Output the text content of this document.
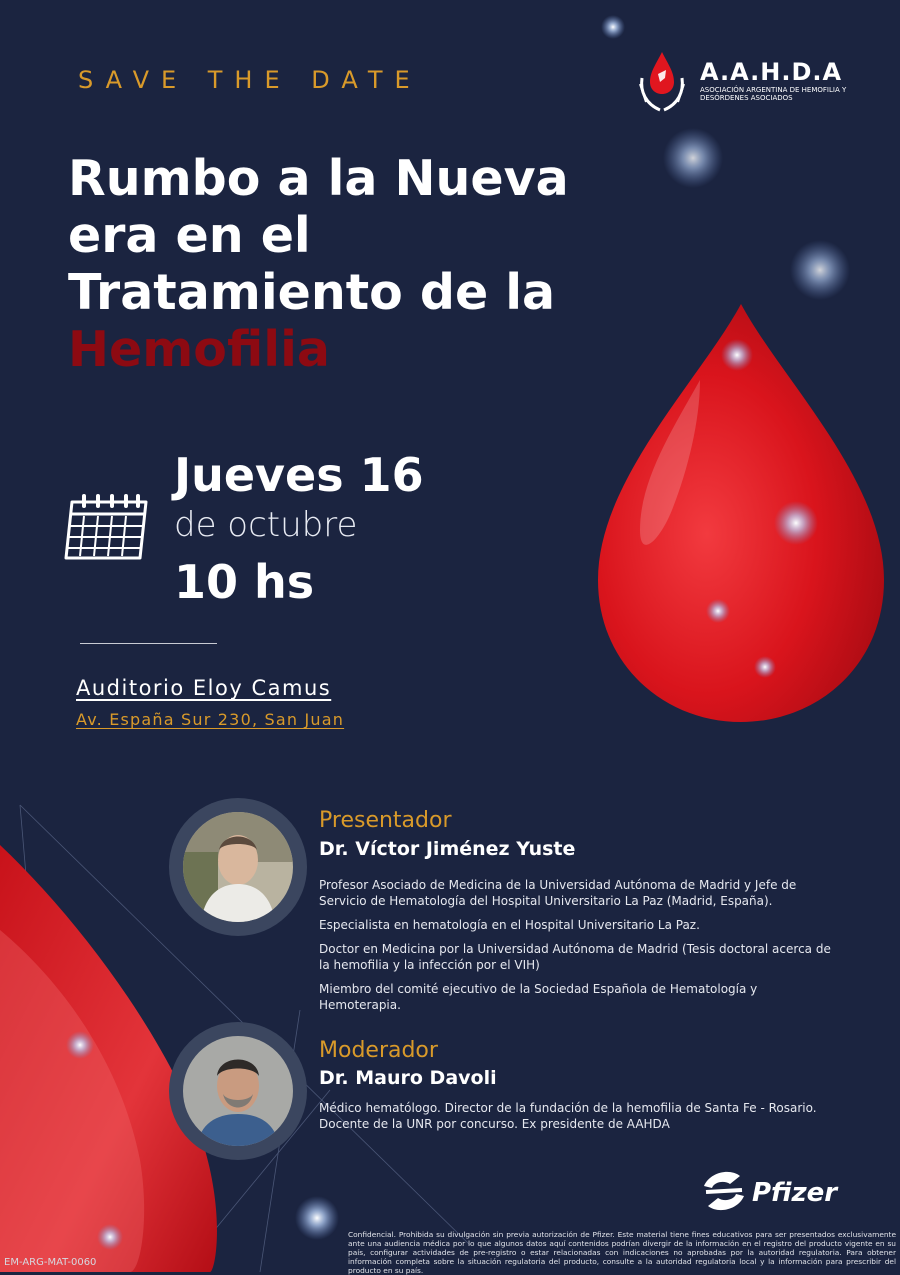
SAVE THE DATE	A.A.H.D.A
ASOCIACIÓN ARGENTINA DE HEMOFILIA Y DESÓRDENES ASOCIADOS
Rumbo a la Nueva
era en el
Tratamiento de la
Hemofilia
Jueves 16
de octubre
10 hs
Auditorio Eloy Camus
Av. España Sur 230, San Juan
Presentador
Dr. Víctor Jiménez Yuste

Profesor Asociado de Medicina de la Universidad Autónoma de Madrid y Jefe de Servicio de Hematología del Hospital Universitario La Paz (Madrid, España).

Especialista en hematología en el Hospital Universitario La Paz.

Doctor en Medicina por la Universidad Autónoma de Madrid (Tesis doctoral acerca de la hemofilia y la infección por el VIH)

Miembro del comité ejecutivo de la Sociedad Española de Hematología y Hemoterapia.

Moderador
Dr. Mauro Davoli

Médico hematólogo. Director de la fundación de la hemofilia de Santa Fe - Rosario. Docente de la UNR por concurso. Ex presidente de AAHDA

Pfizer
Confidencial. Prohibida su divulgación sin previa autorización de Pfizer. Este material tiene fines educativos para ser presentados exclusivamente ante una audiencia médica por lo que algunos datos aquí contenidos podrían divergir de la información en el registro del producto vigente en su país, configurar actividades de pre-registro o estar relacionadas con indicaciones no aprobadas por la autoridad regulatoria. Para obtener información completa sobre la situación regulatoria del producto, consulte a la autoridad regulatoria local y la información para prescribir del producto en su país.
EM-ARG-MAT-0060
